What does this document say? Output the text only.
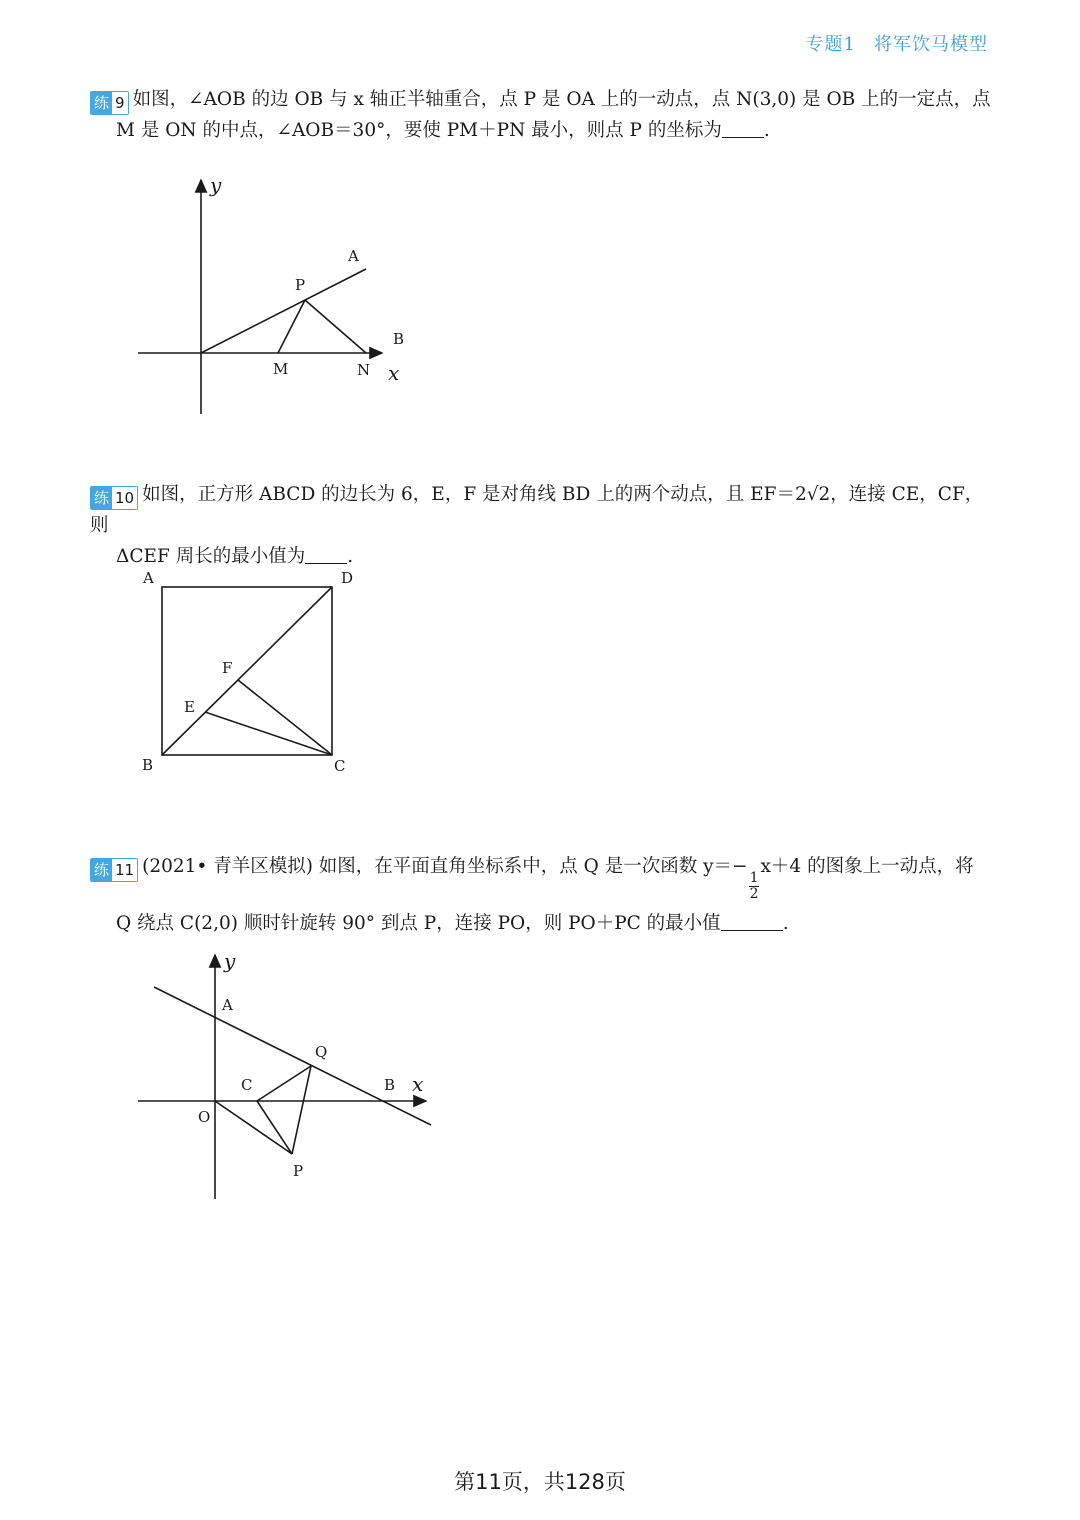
专题1 将军饮马模型

练 9 如图，∠AOB 的边 OB 与 x 轴正半轴重合，点 P 是 OA 上的一动点，点 N(3,0) 是 OB 上的一定点，点

M 是 ON 的中点，∠AOB＝30°，要使 PM＋PN 最小，则点 P 的坐标为 .

y
x
A
P
B
M	N

练 10 如图，正方形 ABCD 的边长为 6，E，F 是对角线 BD 上的两个动点，且 EF＝2√2，连接 CE，CF，则

ΔCEF 周长的最小值为 .

A	D
F
E
B	C

练 11 (2021• 青羊区模拟) 如图，在平面直角坐标系中，点 Q 是一次函数 y＝−
$\frac{1}{2}$
x＋4 的图象上一动点，将

Q 绕点 C(2,0) 顺时针旋转 90° 到点 P，连接 PO，则 PO＋PC 的最小值	.

y
x
A
Q
C	B
O
P
第11页，共128页
